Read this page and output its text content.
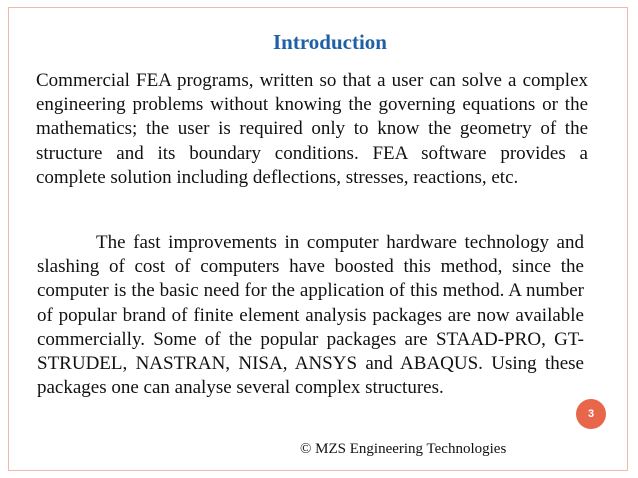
Introduction
Commercial FEA programs, written so that a user can solve a complex engineering problems without knowing the governing equations or the mathematics; the user is required only to know the geometry of the structure and its boundary conditions. FEA software provides a complete solution including deflections, stresses, reactions, etc.
The fast improvements in computer hardware technology and slashing of cost of computers have boosted this method, since the computer is the basic need for the application of this method. A number of popular brand of finite element analysis packages are now available commercially. Some of the popular packages are STAAD-PRO, GT-STRUDEL, NASTRAN, NISA, ANSYS and ABAQUS. Using these packages one can analyse several complex structures.
3
© MZS Engineering Technologies
